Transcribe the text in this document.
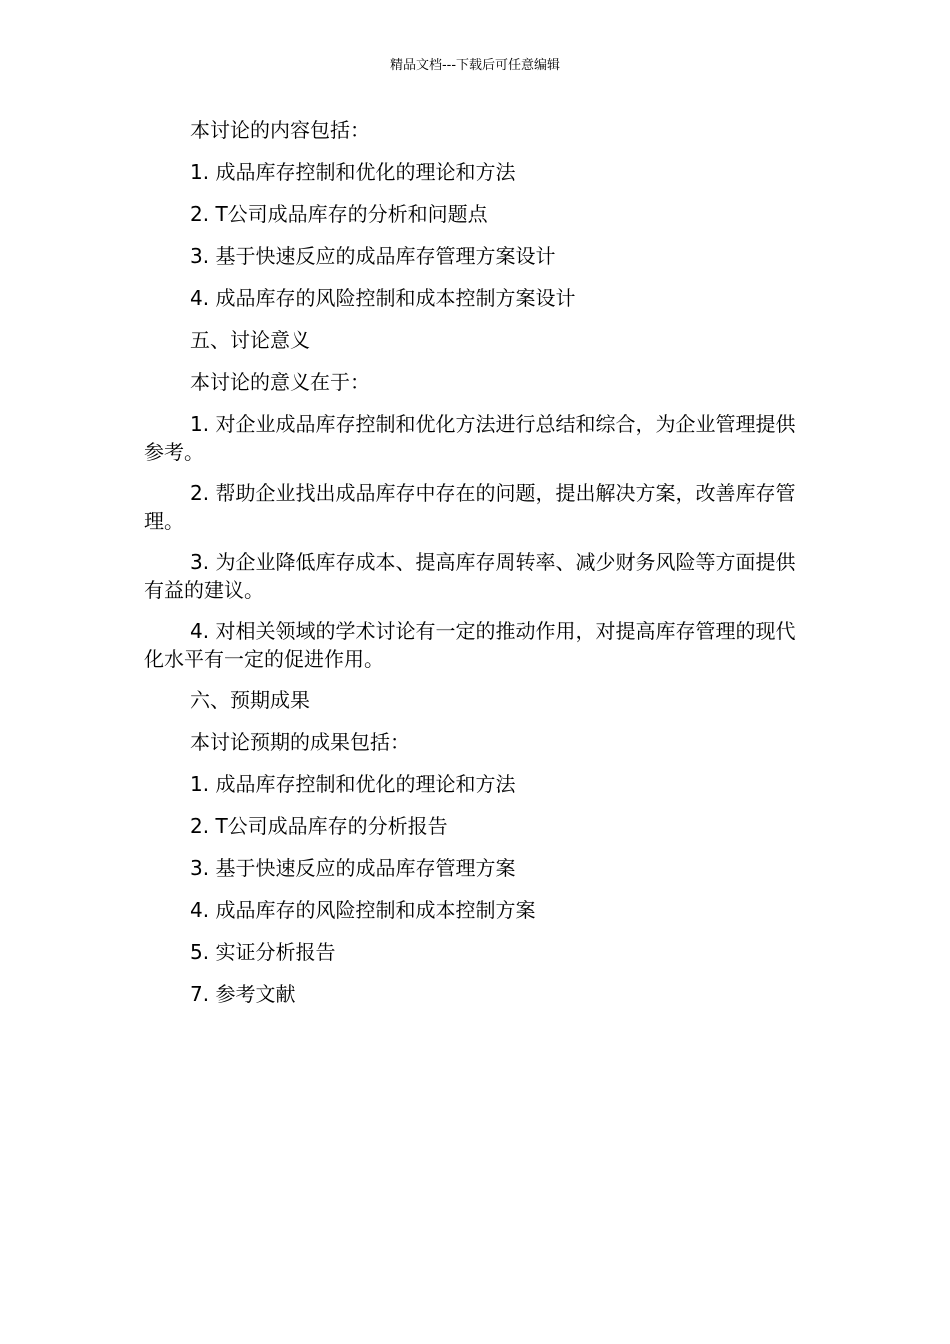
精品文档---下载后可任意编辑

本讨论的内容包括：

1. 成品库存控制和优化的理论和方法

2. T公司成品库存的分析和问题点

3. 基于快速反应的成品库存管理方案设计

4. 成品库存的风险控制和成本控制方案设计

五、讨论意义

本讨论的意义在于：

1. 对企业成品库存控制和优化方法进行总结和综合，为企业管理提供参考。

2. 帮助企业找出成品库存中存在的问题，提出解决方案，改善库存管理。

3. 为企业降低库存成本、提高库存周转率、减少财务风险等方面提供有益的建议。

4. 对相关领域的学术讨论有一定的推动作用，对提高库存管理的现代化水平有一定的促进作用。

六、预期成果

本讨论预期的成果包括：

1. 成品库存控制和优化的理论和方法

2. T公司成品库存的分析报告

3. 基于快速反应的成品库存管理方案

4. 成品库存的风险控制和成本控制方案

5. 实证分析报告

7. 参考文献
